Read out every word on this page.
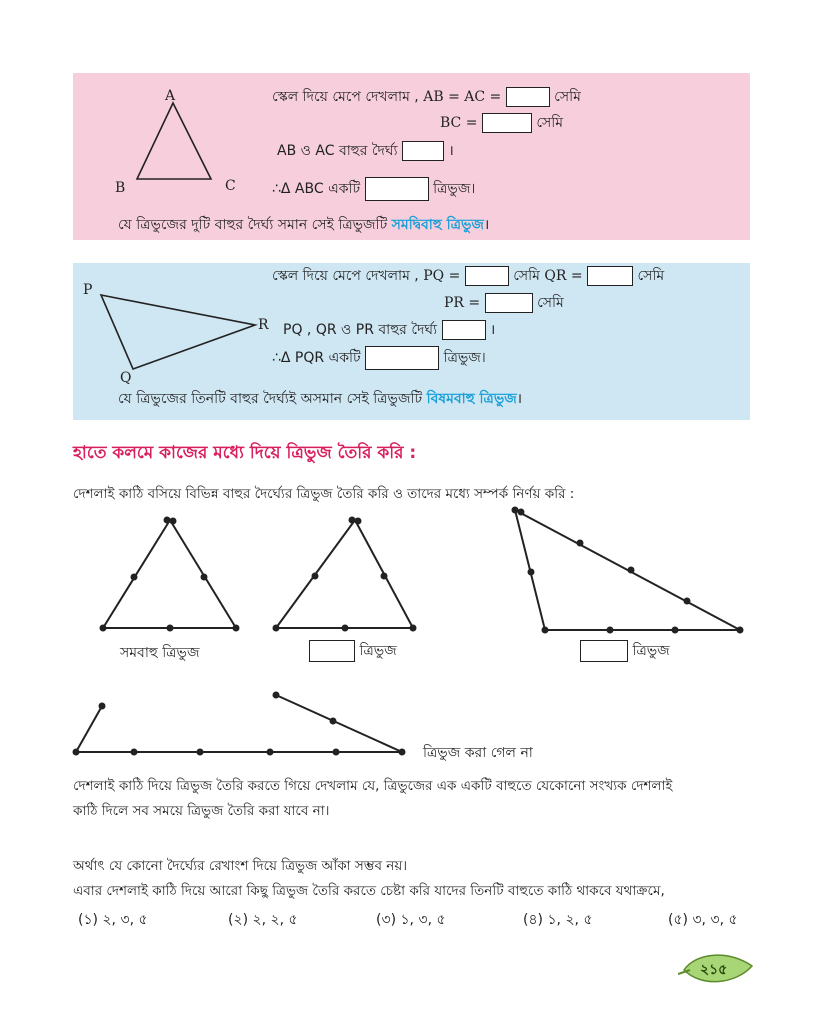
A
B	C
স্কেল দিয়ে মেপে দেখলাম , AB = AC =	সেমি
BC =	সেমি
AB ও AC বাহুর দৈর্ঘ্য	।
∴Δ ABC একটি	ত্রিভুজ।
যে ত্রিভুজের দুটি বাহুর দৈর্ঘ্য সমান সেই ত্রিভুজটি সমদ্বিবাহু ত্রিভুজ।
P
R
Q
স্কেল দিয়ে মেপে দেখলাম , PQ =	সেমি QR =	সেমি
PR =	সেমি
PQ , QR ও PR বাহুর দৈর্ঘ্য	।
∴Δ PQR একটি	ত্রিভুজ।
যে ত্রিভুজের তিনটি বাহুর দৈর্ঘ্যই অসমান সেই ত্রিভুজটি বিষমবাহু ত্রিভুজ।
হাতে কলমে কাজের মধ্যে দিয়ে ত্রিভুজ তৈরি করি :
দেশলাই কাঠি বসিয়ে বিভিন্ন বাহুর দৈর্ঘ্যের ত্রিভুজ তৈরি করি ও তাদের মধ্যে সম্পর্ক নির্ণয় করি :
সমবাহু ত্রিভুজ	ত্রিভুজ	ত্রিভুজ
ত্রিভুজ করা গেল না
দেশলাই কাঠি দিয়ে ত্রিভুজ তৈরি করতে গিয়ে দেখলাম যে, ত্রিভুজের এক একটি বাহুতে যেকোনো সংখ্যক দেশলাই
কাঠি দিলে সব সময়ে ত্রিভুজ তৈরি করা যাবে না।
অর্থাৎ যে কোনো দৈর্ঘ্যের রেখাংশ দিয়ে ত্রিভুজ আঁকা সম্ভব নয়।
এবার দেশলাই কাঠি দিয়ে আরো কিছু ত্রিভুজ তৈরি করতে চেষ্টা করি যাদের তিনটি বাহুতে কাঠি থাকবে যথাক্রমে,
(১) ২, ৩, ৫	(২) ২, ২, ৫	(৩) ১, ৩, ৫	(৪) ১, ২, ৫	(৫) ৩, ৩, ৫
২১৫
